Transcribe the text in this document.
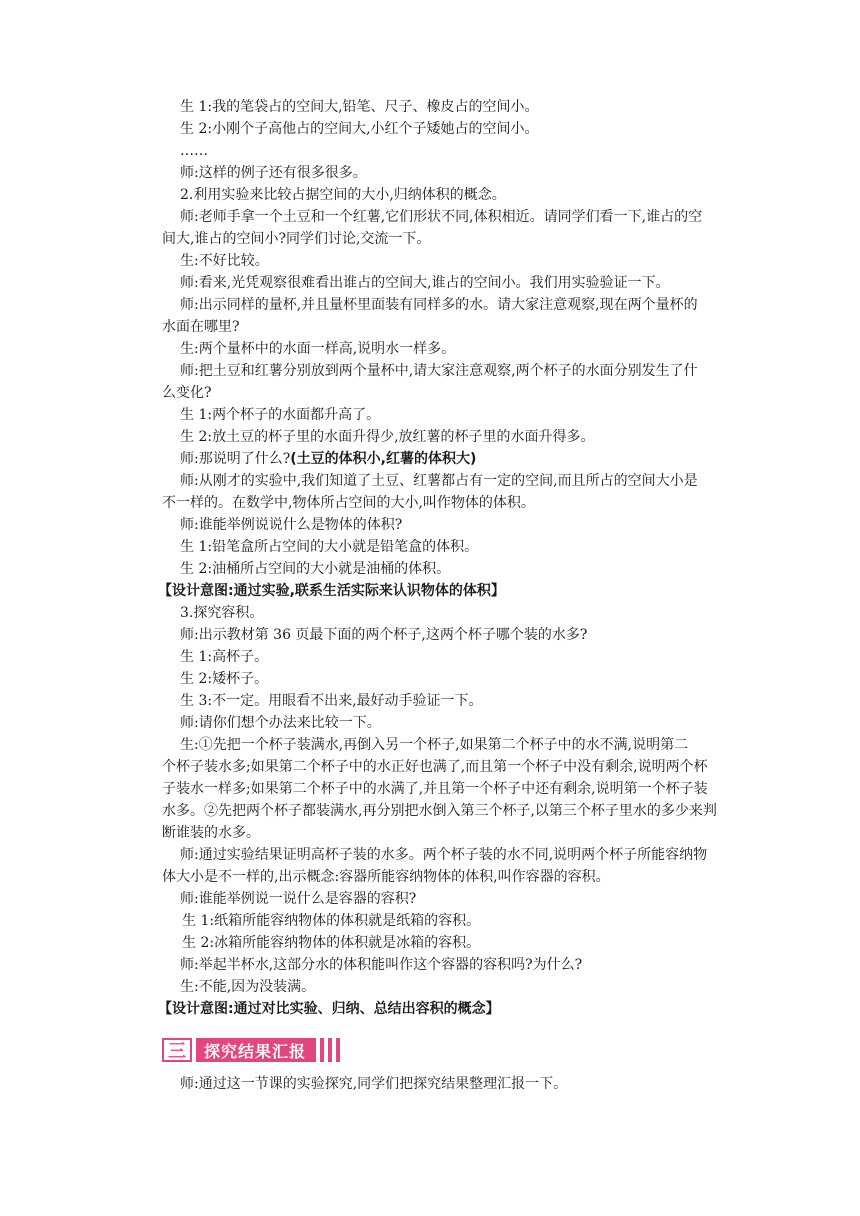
生 1:我的笔袋占的空间大,铅笔、尺子、橡皮占的空间小。

生 2:小刚个子高他占的空间大,小红个子矮她占的空间小。

……

师:这样的例子还有很多很多。

2.利用实验来比较占据空间的大小,归纳体积的概念。

师:老师手拿一个土豆和一个红薯,它们形状不同,体积相近。请同学们看一下,谁占的空

间大,谁占的空间小?同学们讨论,交流一下。

生:不好比较。

师:看来,光凭观察很难看出谁占的空间大,谁占的空间小。我们用实验验证一下。

师:出示同样的量杯,并且量杯里面装有同样多的水。请大家注意观察,现在两个量杯的

水面在哪里?

生:两个量杯中的水面一样高,说明水一样多。

师:把土豆和红薯分别放到两个量杯中,请大家注意观察,两个杯子的水面分别发生了什

么变化?

生 1:两个杯子的水面都升高了。

生 2:放土豆的杯子里的水面升得少,放红薯的杯子里的水面升得多。

师:那说明了什么?(土豆的体积小,红薯的体积大)

师:从刚才的实验中,我们知道了土豆、红薯都占有一定的空间,而且所占的空间大小是

不一样的。在数学中,物体所占空间的大小,叫作物体的体积。

师:谁能举例说说什么是物体的体积?

生 1:铅笔盒所占空间的大小就是铅笔盒的体积。

生 2:油桶所占空间的大小就是油桶的体积。

【设计意图:通过实验,联系生活实际来认识物体的体积】

3.探究容积。

师:出示教材第 36 页最下面的两个杯子,这两个杯子哪个装的水多?

生 1:高杯子。

生 2:矮杯子。

生 3:不一定。用眼看不出来,最好动手验证一下。

师:请你们想个办法来比较一下。

生:①先把一个杯子装满水,再倒入另一个杯子,如果第二个杯子中的水不满,说明第二

个杯子装水多;如果第二个杯子中的水正好也满了,而且第一个杯子中没有剩余,说明两个杯

子装水一样多;如果第二个杯子中的水满了,并且第一个杯子中还有剩余,说明第一个杯子装

水多。②先把两个杯子都装满水,再分别把水倒入第三个杯子,以第三个杯子里水的多少来判

断谁装的水多。

师:通过实验结果证明高杯子装的水多。两个杯子装的水不同,说明两个杯子所能容纳物

体大小是不一样的,出示概念:容器所能容纳物体的体积,叫作容器的容积。

师:谁能举例说一说什么是容器的容积?

生 1:纸箱所能容纳物体的体积就是纸箱的容积。

生 2:冰箱所能容纳物体的体积就是冰箱的容积。

师:举起半杯水,这部分水的体积能叫作这个容器的容积吗?为什么?

生:不能,因为没装满。

【设计意图:通过对比实验、归纳、总结出容积的概念】

三	探究结果汇报

师:通过这一节课的实验探究,同学们把探究结果整理汇报一下。
